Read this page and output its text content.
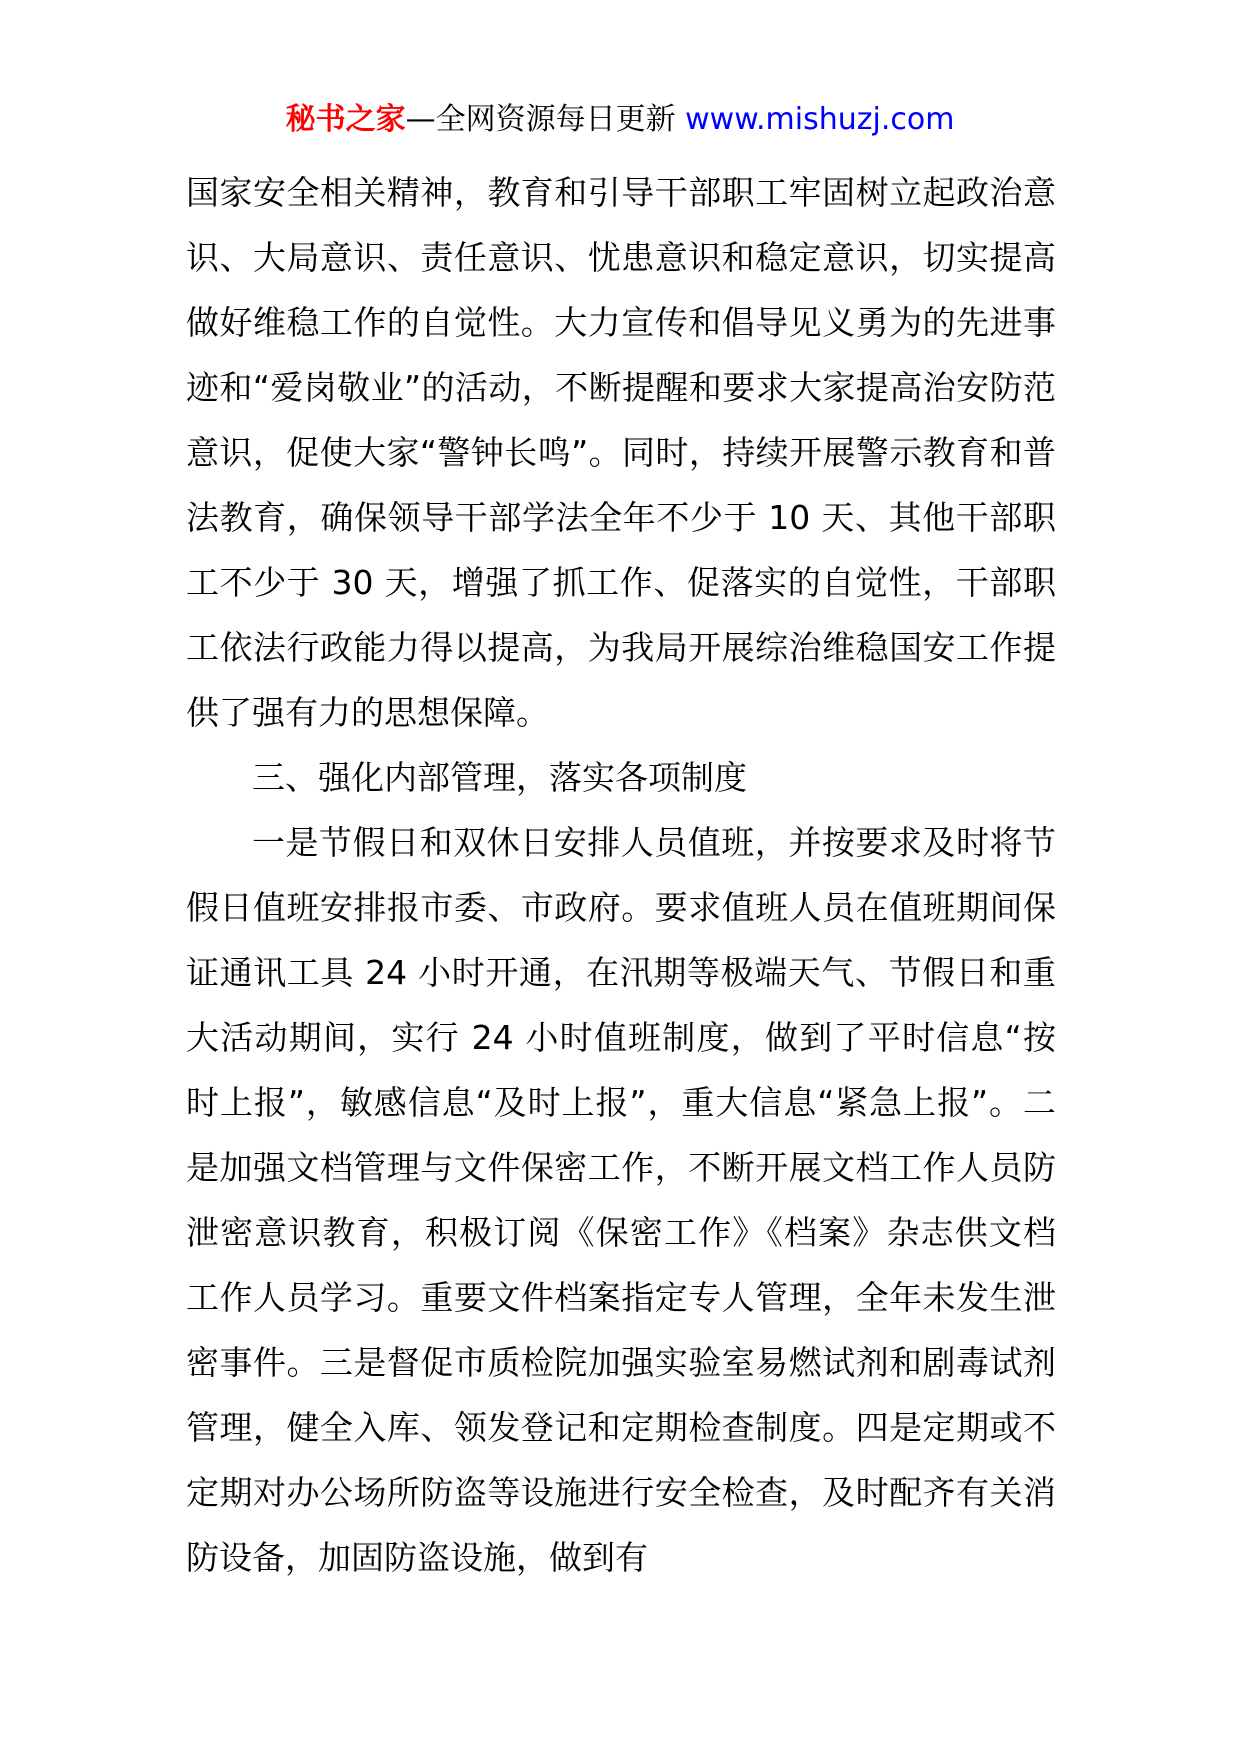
秘书之家—全网资源每日更新 www.mishuzj.com

国家安全相关精神，教育和引导干部职工牢固树立起政治意识、大局意识、责任意识、忧患意识和稳定意识，切实提高做好维稳工作的自觉性。大力宣传和倡导见义勇为的先进事迹和“爱岗敬业”的活动，不断提醒和要求大家提高治安防范意识，促使大家“警钟长鸣”。同时，持续开展警示教育和普法教育，确保领导干部学法全年不少于 10 天、其他干部职工不少于 30 天，增强了抓工作、促落实的自觉性，干部职工依法行政能力得以提高，为我局开展综治维稳国安工作提供了强有力的思想保障。

三、强化内部管理，落实各项制度

一是节假日和双休日安排人员值班，并按要求及时将节假日值班安排报市委、市政府。要求值班人员在值班期间保证通讯工具 24 小时开通，在汛期等极端天气、节假日和重大活动期间，实行 24 小时值班制度，做到了平时信息“按时上报”，敏感信息“及时上报”，重大信息“紧急上报”。二是加强文档管理与文件保密工作，不断开展文档工作人员防泄密意识教育，积极订阅《保密工作》《档案》杂志供文档工作人员学习。重要文件档案指定专人管理，全年未发生泄密事件。三是督促市质检院加强实验室易燃试剂和剧毒试剂管理，健全入库、领发登记和定期检查制度。四是定期或不定期对办公场所防盗等设施进行安全检查，及时配齐有关消防设备，加固防盗设施，做到有
